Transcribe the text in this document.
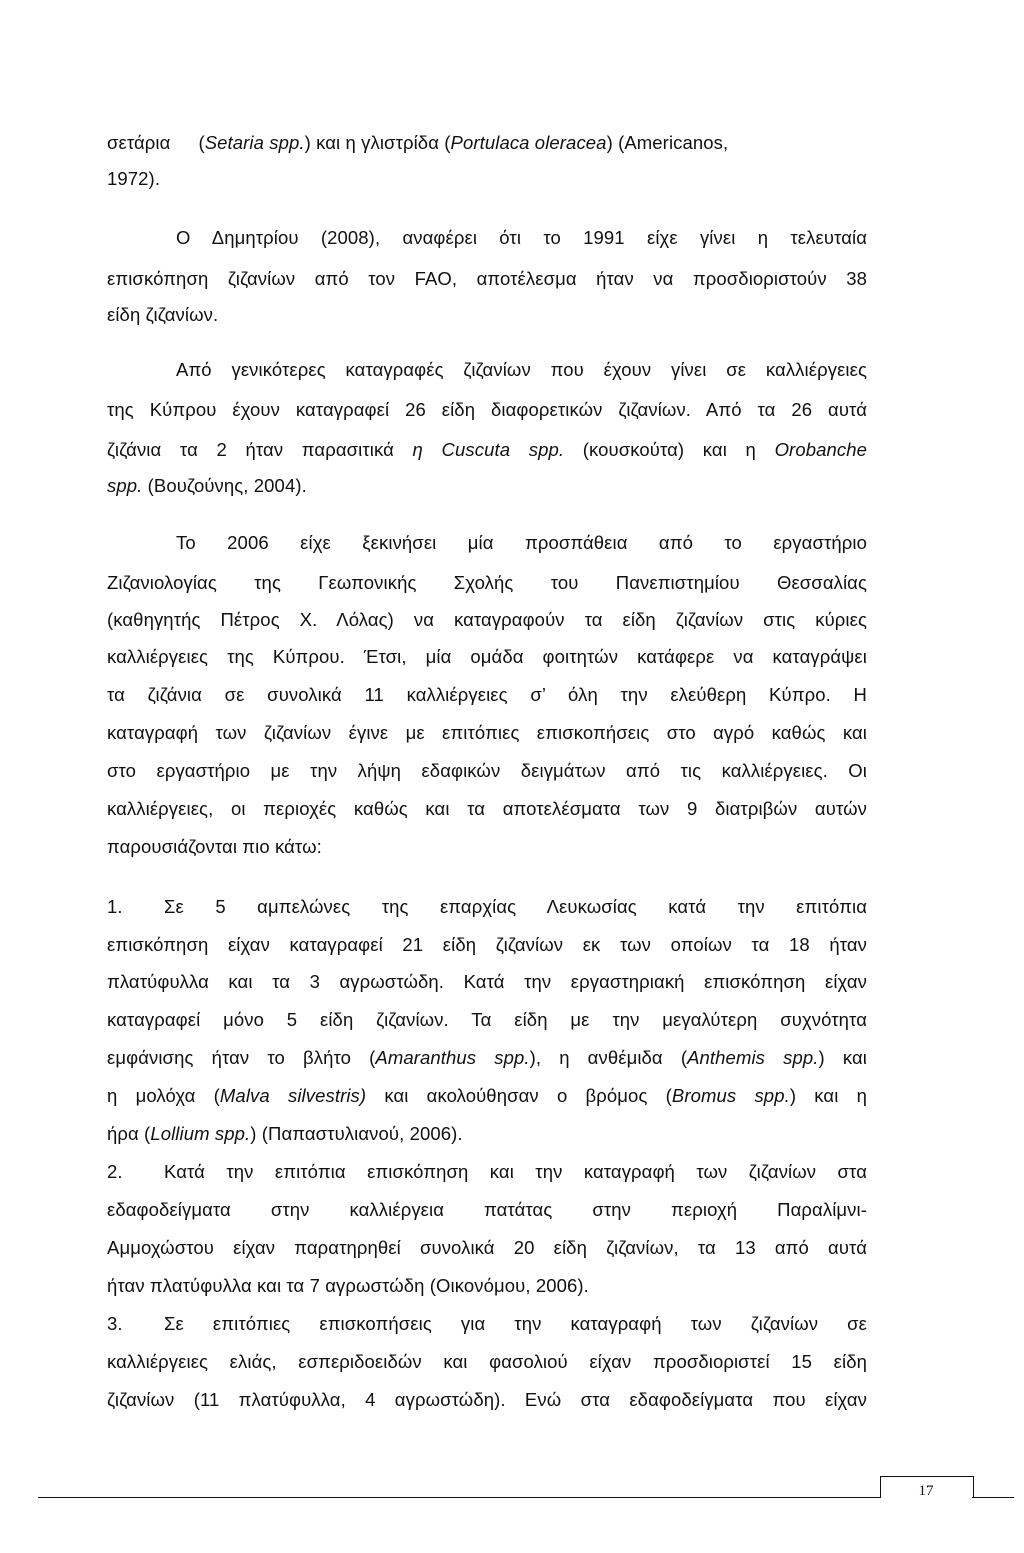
σετάρια (Setaria spp.) και η γλιστρίδα (Portulaca oleracea) (Americanos,
1972).
Ο Δημητρίου (2008), αναφέρει ότι το 1991 είχε γίνει η τελευταία
επισκόπηση ζιζανίων από τον FAO, αποτέλεσμα ήταν να προσδιοριστούν 38
είδη ζιζανίων.
Από γενικότερες καταγραφές ζιζανίων που έχουν γίνει σε καλλιέργειες
της Κύπρου έχουν καταγραφεί 26 είδη διαφορετικών ζιζανίων. Από τα 26 αυτά
ζιζάνια τα 2 ήταν παρασιτικά η Cuscuta spp. (κουσκούτα) και η Orobanche
spp. (Βουζούνης, 2004).
Το 2006 είχε ξεκινήσει μία προσπάθεια από το εργαστήριο
Ζιζανιολογίας της Γεωπονικής Σχολής του Πανεπιστημίου Θεσσαλίας
(καθηγητής Πέτρος Χ. Λόλας) να καταγραφούν τα είδη ζιζανίων στις κύριες
καλλιέργειες της Κύπρου. Έτσι, μία ομάδα φοιτητών κατάφερε να καταγράψει
τα ζιζάνια σε συνολικά 11 καλλιέργειες σ’ όλη την ελεύθερη Κύπρο. Η
καταγραφή των ζιζανίων έγινε με επιτόπιες επισκοπήσεις στο αγρό καθώς και
στο εργαστήριο με την λήψη εδαφικών δειγμάτων από τις καλλιέργειες. Οι
καλλιέργειες, οι περιοχές καθώς και τα αποτελέσματα των 9 διατριβών αυτών
παρουσιάζονται πιο κάτω:
1.	Σε 5 αμπελώνες της επαρχίας Λευκωσίας κατά την επιτόπια
επισκόπηση είχαν καταγραφεί 21 είδη ζιζανίων εκ των οποίων τα 18 ήταν
πλατύφυλλα και τα 3 αγρωστώδη. Κατά την εργαστηριακή επισκόπηση είχαν
καταγραφεί μόνο 5 είδη ζιζανίων. Τα είδη με την μεγαλύτερη συχνότητα
εμφάνισης ήταν το βλήτο (Amaranthus spp.), η ανθέμιδα (Anthemis spp.) και
η μολόχα (Malva silvestris) και ακολούθησαν ο βρόμος (Bromus spp.) και η
ήρα (Lollium spp.) (Παπαστυλιανού, 2006).
2.	Κατά την επιτόπια επισκόπηση και την καταγραφή των ζιζανίων στα
εδαφοδείγματα στην καλλιέργεια πατάτας στην περιοχή Παραλίμνι-
Αμμοχώστου είχαν παρατηρηθεί συνολικά 20 είδη ζιζανίων, τα 13 από αυτά
ήταν πλατύφυλλα και τα 7 αγρωστώδη (Οικονόμου, 2006).
3.	Σε επιτόπιες επισκοπήσεις για την καταγραφή των ζιζανίων σε
καλλιέργειες ελιάς, εσπεριδοειδών και φασολιού είχαν προσδιοριστεί 15 είδη
ζιζανίων (11 πλατύφυλλα, 4 αγρωστώδη). Ενώ στα εδαφοδείγματα που είχαν
17
